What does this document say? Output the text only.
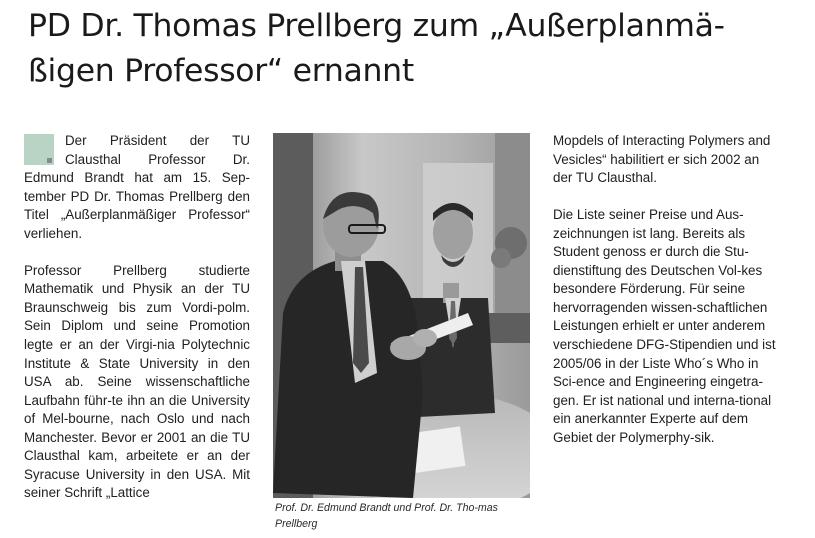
PD Dr. Thomas Prellberg zum „Außerplanmä-
ßigen Professor“ ernannt

Der Präsident der TU Clausthal Professor Dr. Edmund Brandt hat am 15. Sep-tember PD Dr. Thomas Prellberg den Titel „Außerplanmäßiger Professor“ verliehen.

Professor Prellberg studierte Mathematik und Physik an der TU Braunschweig bis zum Vordi-polm. Sein Diplom und seine Promotion legte er an der Virgi-nia Polytechnic Institute & State University in den USA ab. Seine wissenschaftliche Laufbahn führ-te ihn an die University of Mel-bourne, nach Oslo und nach Manchester. Bevor er 2001 an die TU Clausthal kam, arbeitete er an der Syracuse University in den USA. Mit seiner Schrift „Lattice

Prof. Dr. Edmund Brandt und Prof. Dr. Tho-mas Prellberg

Mopdels of Interacting Polymers and Vesicles“ habilitiert er sich 2002 an der TU Clausthal.

Die Liste seiner Preise und Aus-zeichnungen ist lang. Bereits als Student genoss er durch die Stu-dienstiftung des Deutschen Vol-kes besondere Förderung. Für seine hervorragenden wissen-schaftlichen Leistungen erhielt er unter anderem verschiedene DFG-Stipendien und ist 2005/06 in der Liste Who´s Who in Sci-ence and Engineering eingetra-gen. Er ist national und interna-tional ein anerkannter Experte auf dem Gebiet der Polymerphy-sik.
